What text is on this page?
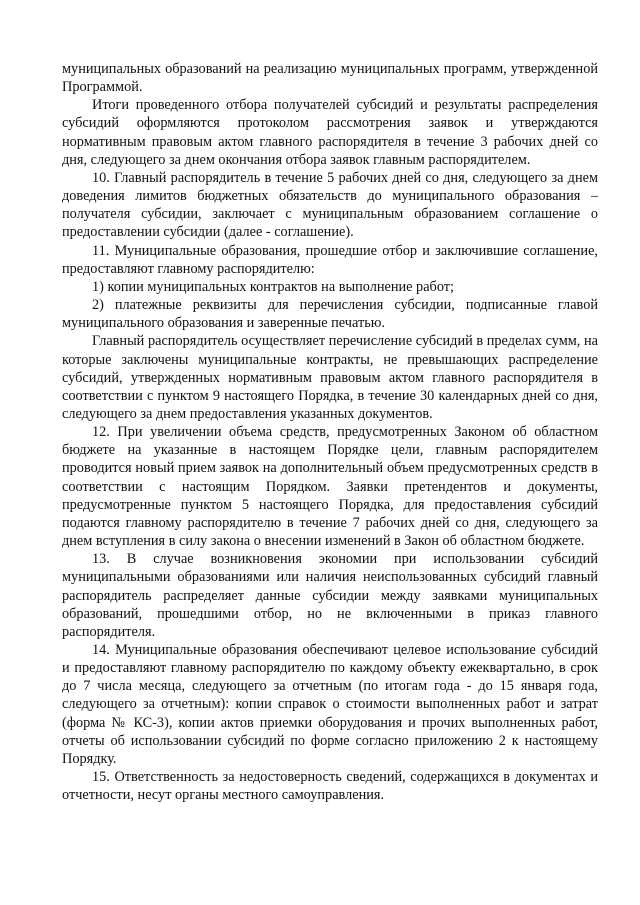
муниципальных образований на реализацию муниципальных программ, утвержденной Программой.

Итоги проведенного отбора получателей субсидий и результаты распределения субсидий оформляются протоколом рассмотрения заявок и утверждаются нормативным правовым актом главного распорядителя в течение 3 рабочих дней со дня, следующего за днем окончания отбора заявок главным распорядителем.

10. Главный распорядитель в течение 5 рабочих дней со дня, следующего за днем доведения лимитов бюджетных обязательств до муниципального образования – получателя субсидии, заключает с муниципальным образованием соглашение о предоставлении субсидии (далее - соглашение).

11. Муниципальные образования, прошедшие отбор и заключившие соглашение, предоставляют главному распорядителю:

1) копии муниципальных контрактов на выполнение работ;

2) платежные реквизиты для перечисления субсидии, подписанные главой муниципального образования и заверенные печатью.

Главный распорядитель осуществляет перечисление субсидий в пределах сумм, на которые заключены муниципальные контракты, не превышающих распределение субсидий, утвержденных нормативным правовым актом главного распорядителя в соответствии с пунктом 9 настоящего Порядка, в течение 30 календарных дней со дня, следующего за днем предоставления указанных документов.

12. При увеличении объема средств, предусмотренных Законом об областном бюджете на указанные в настоящем Порядке цели, главным распорядителем проводится новый прием заявок на дополнительный объем предусмотренных средств в соответствии с настоящим Порядком. Заявки претендентов и документы, предусмотренные пунктом 5 настоящего Порядка, для предоставления субсидий подаются главному распорядителю в течение 7 рабочих дней со дня, следующего за днем вступления в силу закона о внесении изменений в Закон об областном бюджете.

13. В случае возникновения экономии при использовании субсидий муниципальными образованиями или наличия неиспользованных субсидий главный распорядитель распределяет данные субсидии между заявками муниципальных образований, прошедшими отбор, но не включенными в приказ главного распорядителя.

14. Муниципальные образования обеспечивают целевое использование субсидий и предоставляют главному распорядителю по каждому объекту ежеквартально, в срок до 7 числа месяца, следующего за отчетным (по итогам года - до 15 января года, следующего за отчетным): копии справок о стоимости выполненных работ и затрат (форма № КС-3), копии актов приемки оборудования и прочих выполненных работ, отчеты об использовании субсидий по форме согласно приложению 2 к настоящему Порядку.

15. Ответственность за недостоверность сведений, содержащихся в документах и отчетности, несут органы местного самоуправления.
